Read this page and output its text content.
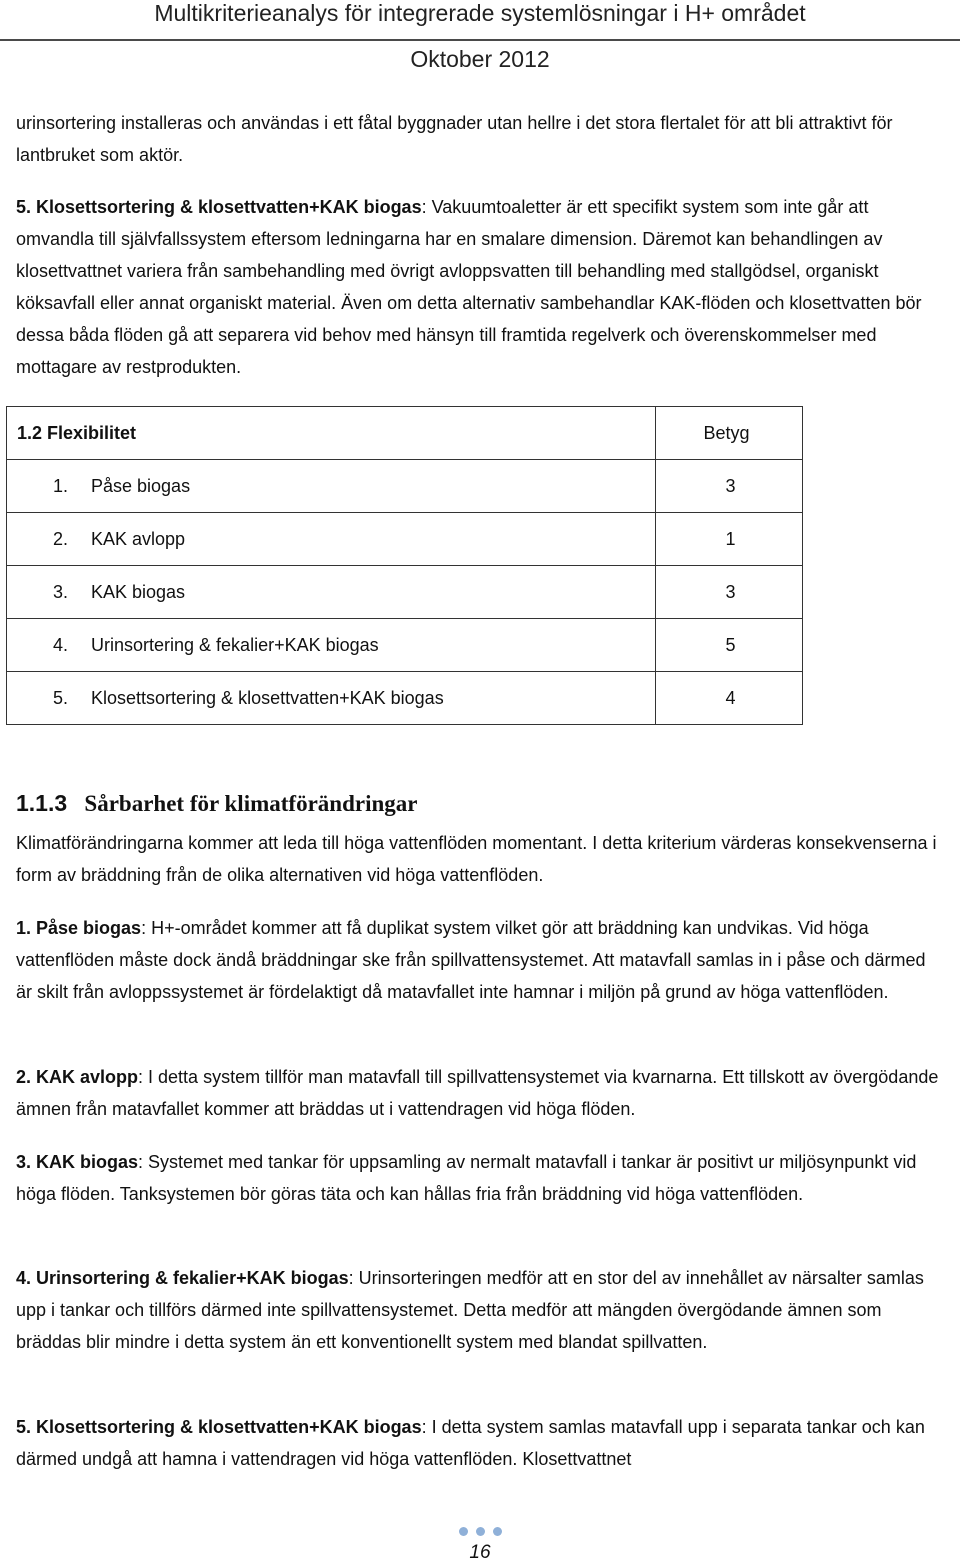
Multikriterieanalys för integrerade systemlösningar i H+ området
Oktober 2012
urinsortering installeras och användas i ett fåtal byggnader utan hellre i det stora flertalet för att bli attraktivt för lantbruket som aktör.
5. Klosettsortering & klosettvatten+KAK biogas: Vakuumtoaletter är ett specifikt system som inte går att omvandla till självfallssystem eftersom ledningarna har en smalare dimension. Däremot kan behandlingen av klosettvattnet variera från sambehandling med övrigt avloppsvatten till behandling med stallgödsel, organiskt köksavfall eller annat organiskt material. Även om detta alternativ sambehandlar KAK-flöden och klosettvatten bör dessa båda flöden gå att separera vid behov med hänsyn till framtida regelverk och överenskommelser med mottagare av restprodukten.
1.2 Flexibilitet	Betyg
1. Påse biogas	3
2. KAK avlopp	1
3. KAK biogas	3
4. Urinsortering & fekalier+KAK biogas	5
5. Klosettsortering & klosettvatten+KAK biogas	4
1.1.3 Sårbarhet för klimatförändringar
Klimatförändringarna kommer att leda till höga vattenflöden momentant. I detta kriterium värderas konsekvenserna i form av bräddning från de olika alternativen vid höga vattenflöden.
1. Påse biogas: H+-området kommer att få duplikat system vilket gör att bräddning kan undvikas. Vid höga vattenflöden måste dock ändå bräddningar ske från spillvattensystemet. Att matavfall samlas in i påse och därmed är skilt från avloppssystemet är fördelaktigt då matavfallet inte hamnar i miljön på grund av höga vattenflöden.
2. KAK avlopp: I detta system tillför man matavfall till spillvattensystemet via kvarnarna. Ett tillskott av övergödande ämnen från matavfallet kommer att bräddas ut i vattendragen vid höga flöden.
3. KAK biogas: Systemet med tankar för uppsamling av nermalt matavfall i tankar är positivt ur miljösynpunkt vid höga flöden. Tanksystemen bör göras täta och kan hållas fria från bräddning vid höga vattenflöden.
4. Urinsortering & fekalier+KAK biogas: Urinsorteringen medför att en stor del av innehållet av närsalter samlas upp i tankar och tillförs därmed inte spillvattensystemet. Detta medför att mängden övergödande ämnen som bräddas blir mindre i detta system än ett konventionellt system med blandat spillvatten.
5. Klosettsortering & klosettvatten+KAK biogas: I detta system samlas matavfall upp i separata tankar och kan därmed undgå att hamna i vattendragen vid höga vattenflöden. Klosettvattnet
16
